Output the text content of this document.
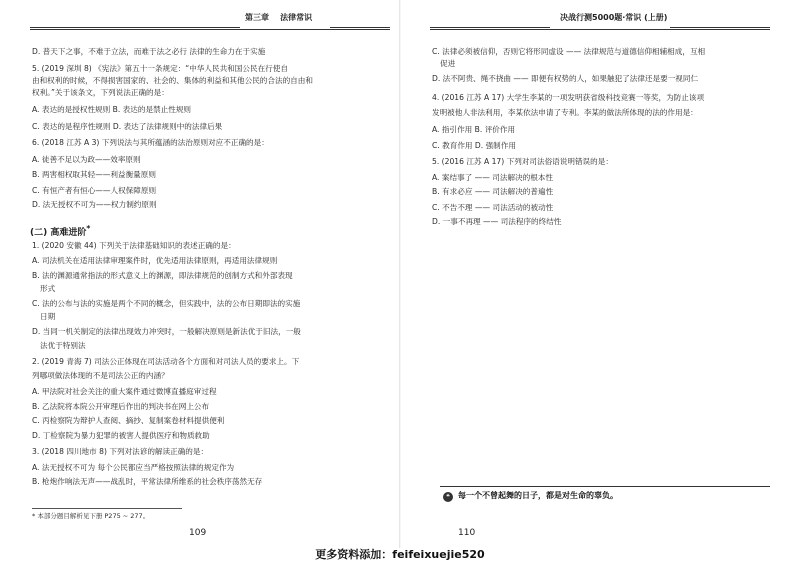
第三章 法律常识
D. 普天下之事，不难于立法，而难于法之必行 法律的生命力在于实施
5. (2019 深圳 8) 《宪法》第五十一条规定：“中华人民共和国公民在行使自
由和权利的时候，不得损害国家的、社会的、集体的利益和其他公民的合法的自由和
权利。”关于该条文，下列说法正确的是：
A. 表达的是授权性规则 B. 表达的是禁止性规则
C. 表达的是程序性规则 D. 表达了法律规则中的法律后果
6. (2018 江苏 A 3) 下列说法与其所蕴涵的法治原则对应不正确的是：
A. 徒善不足以为政——效率原则
B. 两害相权取其轻——利益衡量原则
C. 有恒产者有恒心——人权保障原则
D. 法无授权不可为——权力制约原则
1. (2020 安徽 44) 下列关于法律基础知识的表述正确的是：
A. 司法机关在适用法律审理案件时，优先适用法律原则，再适用法律规则
B. 法的渊源通常指法的形式意义上的渊源，即法律规范的创制方式和外部表现
形式
C. 法的公布与法的实施是两个不同的概念，但实践中，法的公布日期即法的实施
日期
D. 当同一机关制定的法律出现效力冲突时，一般解决原则是新法优于旧法，一般
法优于特别法
2. (2019 青海 7) 司法公正体现在司法活动各个方面和对司法人员的要求上。下
列哪项做法体现的不是司法公正的内涵？
A. 甲法院对社会关注的重大案件通过微博直播庭审过程
B. 乙法院将本院公开审理后作出的判决书在网上公布
C. 丙检察院为辩护人查阅、摘抄、复制案卷材料提供便利
D. 丁检察院为暴力犯罪的被害人提供医疗和物质救助
3. (2018 四川地市 8) 下列对法谚的解读正确的是：
A. 法无授权不可为 每个公民都应当严格按照法律的规定作为
B. 枪炮作响法无声——战乱时，平常法律所维系的社会秩序荡然无存
(二) 高难进阶*
* 本部分题目解析见下册 P275 ~ 277。
109
决战行测5000题·常识 (上册)
C. 法律必须被信仰，否则它将形同虚设 —— 法律规范与道德信仰相辅相成，互相
促进
D. 法不阿贵、绳不挠曲 —— 即便有权势的人，如果触犯了法律还是要一视同仁
4. (2016 江苏 A 17) 大学生李某的一项发明获省级科技竞赛一等奖，为防止该项
发明被他人非法利用，李某依法申请了专利。李某的做法所体现的法的作用是：
A. 指引作用 B. 评价作用
C. 教育作用 D. 强制作用
5. (2016 江苏 A 17) 下列对司法俗语说明错误的是：
A. 案结事了 —— 司法解决的根本性
B. 有求必应 —— 司法解决的普遍性
C. 不告不理 —— 司法活动的被动性
D. 一事不再理 —— 司法程序的终结性
❝	每一个不曾起舞的日子，都是对生命的辜负。
110
更多资料添加：feifeixuejie520
